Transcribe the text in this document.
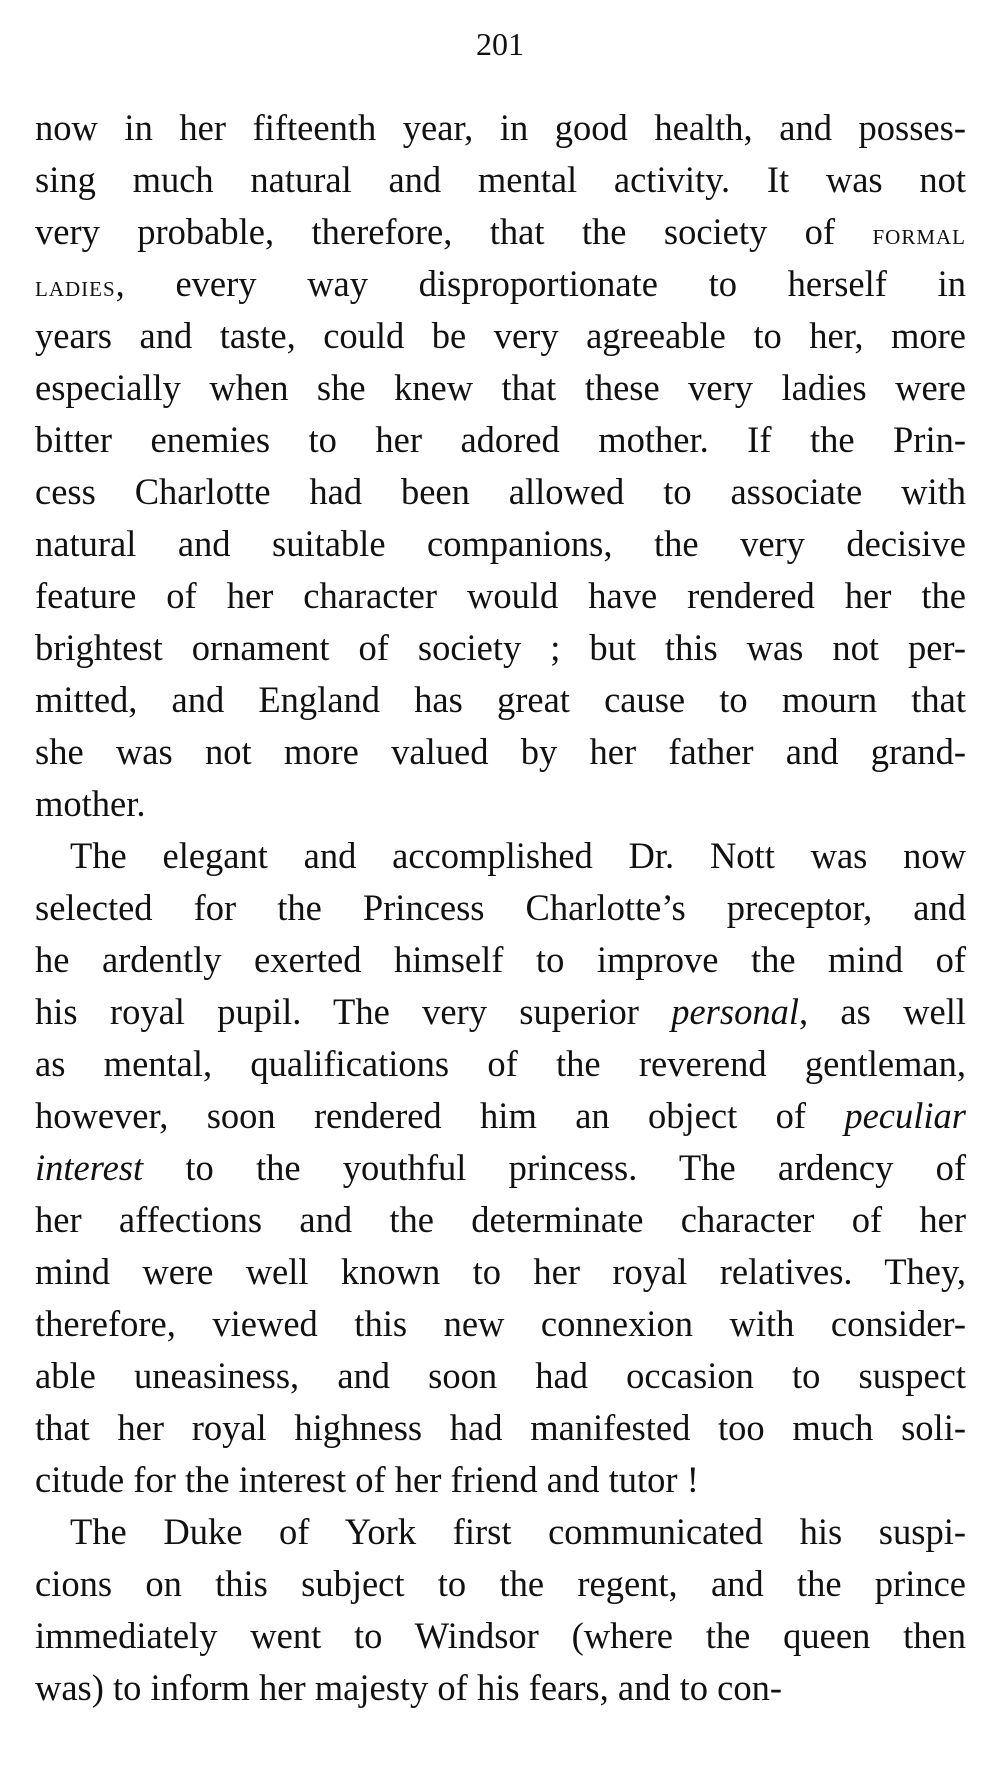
201
now in her fifteenth year, in good health, and posses-
sing much natural and mental activity. It was not
very probable, therefore, that the society of formal
ladies, every way disproportionate to herself in
years and taste, could be very agreeable to her, more
especially when she knew that these very ladies were
bitter enemies to her adored mother. If the Prin-
cess Charlotte had been allowed to associate with
natural and suitable companions, the very decisive
feature of her character would have rendered her the
brightest ornament of society ; but this was not per-
mitted, and England has great cause to mourn that
she was not more valued by her father and grand-
mother.
The elegant and accomplished Dr. Nott was now
selected for the Princess Charlotte’s preceptor, and
he ardently exerted himself to improve the mind of
his royal pupil. The very superior personal, as well
as mental, qualifications of the reverend gentleman,
however, soon rendered him an object of peculiar
interest to the youthful princess. The ardency of
her affections and the determinate character of her
mind were well known to her royal relatives. They,
therefore, viewed this new connexion with consider-
able uneasiness, and soon had occasion to suspect
that her royal highness had manifested too much soli-
citude for the interest of her friend and tutor !
The Duke of York first communicated his suspi-
cions on this subject to the regent, and the prince
immediately went to Windsor (where the queen then
was) to inform her majesty of his fears, and to con-
